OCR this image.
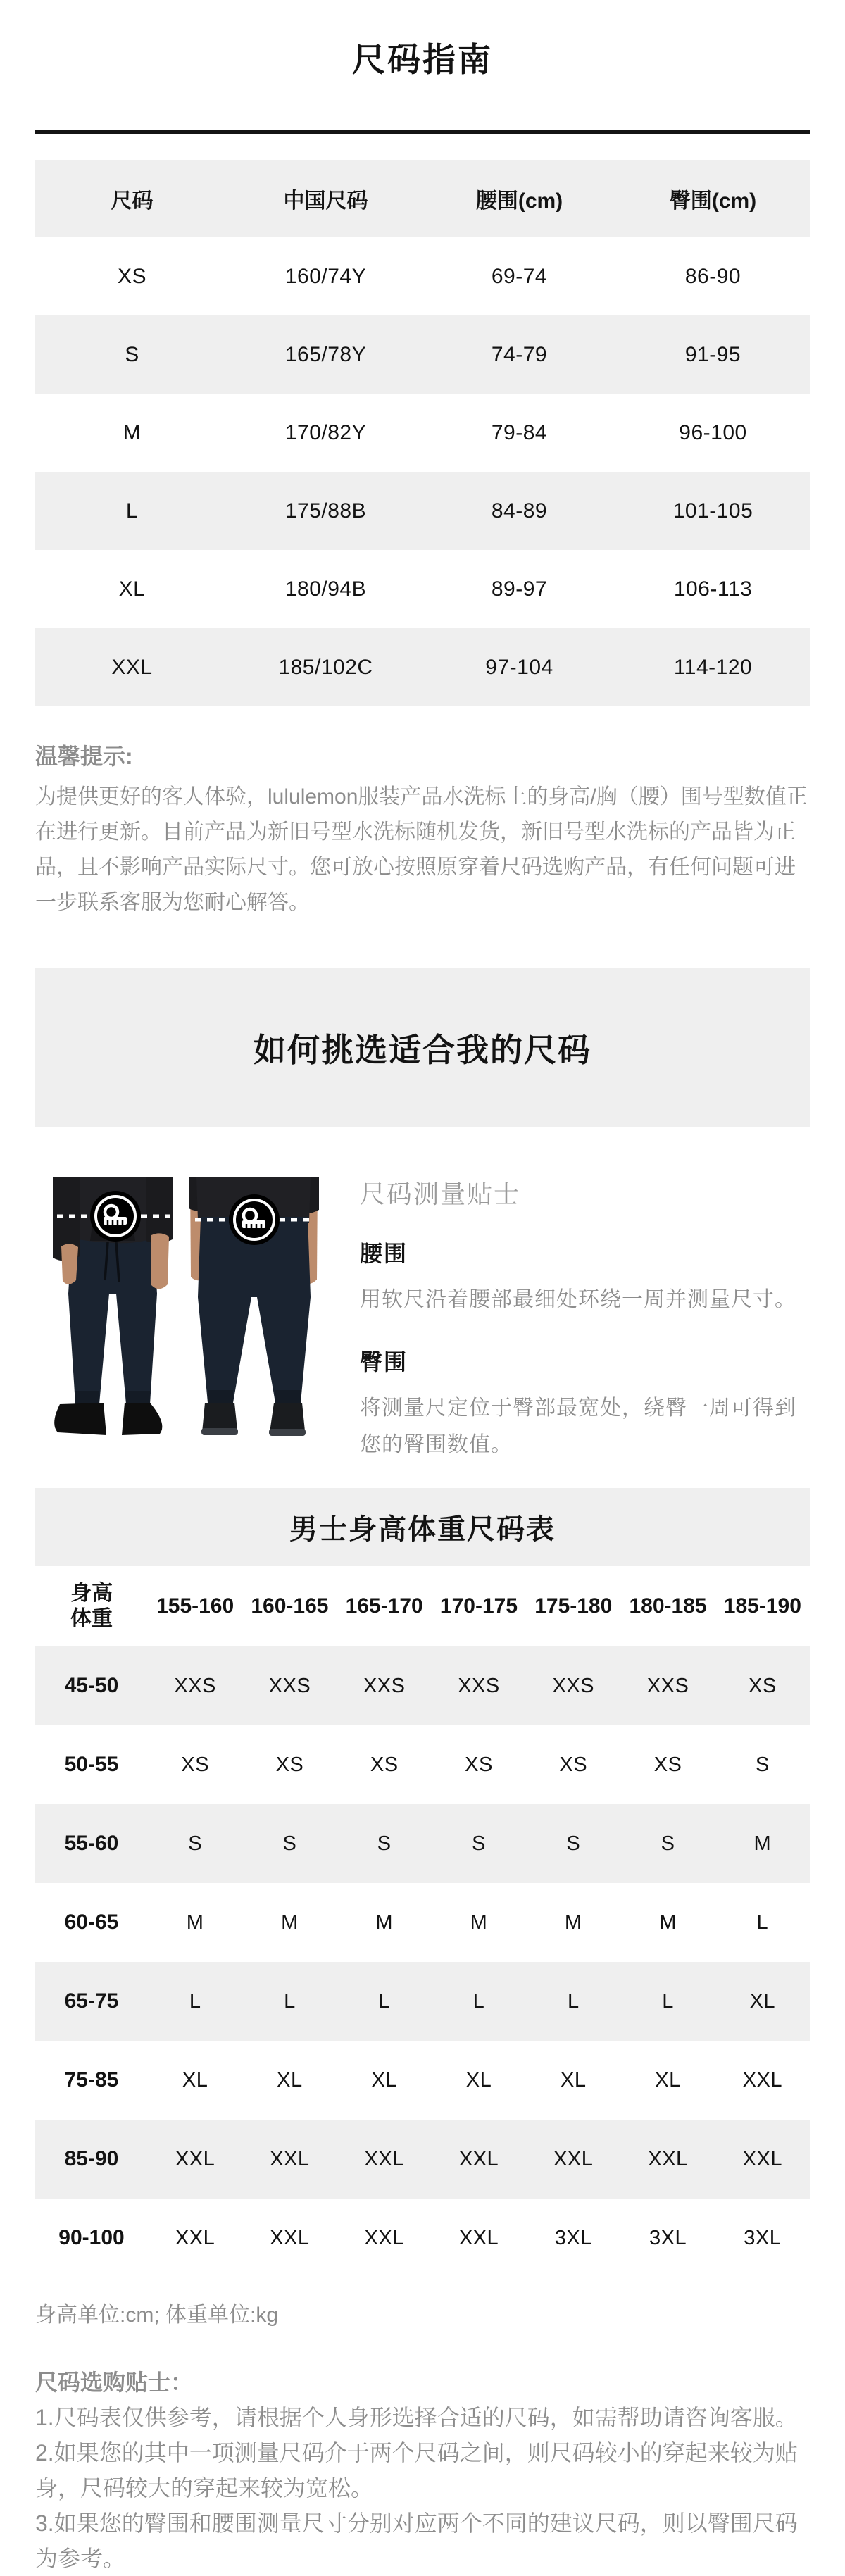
尺码指南
尺码	中国尺码	腰围(cm)	臀围(cm)
XS	160/74Y	69-74	86-90
S	165/78Y	74-79	91-95
M	170/82Y	79-84	96-100
L	175/88B	84-89	101-105
XL	180/94B	89-97	106-113
XXL	185/102C	97-104	114-120
温馨提示:
为提供更好的客人体验，lululemon服装产品水洗标上的身高/胸（腰）围号型数值正在进行更新。目前产品为新旧号型水洗标随机发货，新旧号型水洗标的产品皆为正品，且不影响产品实际尺寸。您可放心按照原穿着尺码选购产品，有任何问题可进一步联系客服为您耐心解答。
如何挑选适合我的尺码
尺码测量贴士
腰围
用软尺沿着腰部最细处环绕一周并测量尺寸。
臀围
将测量尺定位于臀部最宽处，绕臀一周可得到您的臀围数值。
男士身高体重尺码表
身高
体重	155-160	160-165	165-170	170-175	175-180	180-185	185-190
45-50	XXS	XXS	XXS	XXS	XXS	XXS	XS
50-55	XS	XS	XS	XS	XS	XS	S
55-60	S	S	S	S	S	S	M
60-65	M	M	M	M	M	M	L
65-75	L	L	L	L	L	L	XL
75-85	XL	XL	XL	XL	XL	XL	XXL
85-90	XXL	XXL	XXL	XXL	XXL	XXL	XXL
90-100	XXL	XXL	XXL	XXL	3XL	3XL	3XL
身高单位:cm; 体重单位:kg
尺码选购贴士：
1.尺码表仅供参考，请根据个人身形选择合适的尺码，如需帮助请咨询客服。
2.如果您的其中一项测量尺码介于两个尺码之间，则尺码较小的穿起来较为贴身，尺码较大的穿起来较为宽松。
3.如果您的臀围和腰围测量尺寸分别对应两个不同的建议尺码，则以臀围尺码为参考。
